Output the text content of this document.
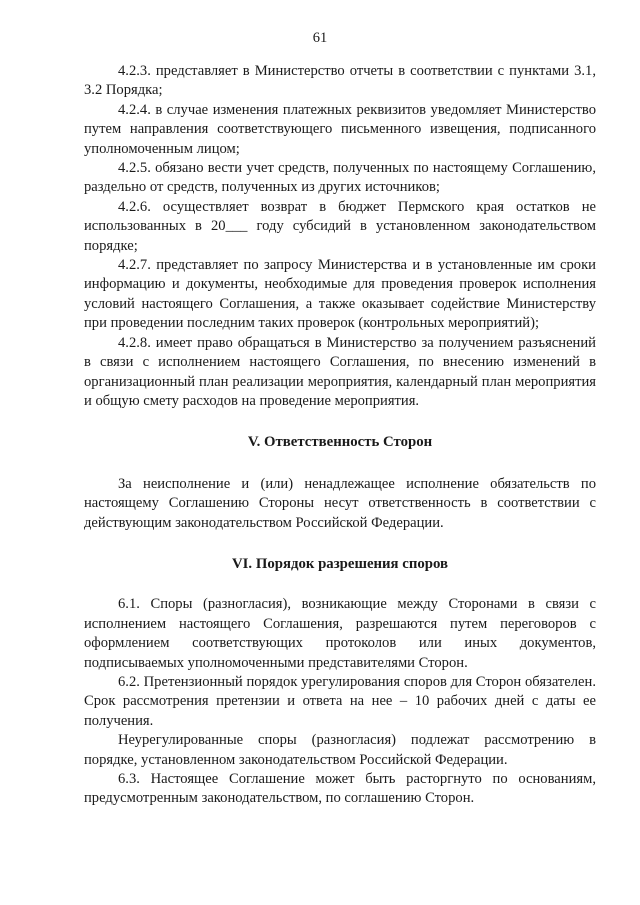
61

4.2.3. представляет в Министерство отчеты в соответствии с пунктами 3.1, 3.2 Порядка;

4.2.4. в случае изменения платежных реквизитов уведомляет Министерство путем направления соответствующего письменного извещения, подписанного уполномоченным лицом;

4.2.5. обязано вести учет средств, полученных по настоящему Соглашению, раздельно от средств, полученных из других источников;

4.2.6. осуществляет возврат в бюджет Пермского края остатков не использованных в 20___ году субсидий в установленном законодательством порядке;

4.2.7. представляет по запросу Министерства и в установленные им сроки информацию и документы, необходимые для проведения проверок исполнения условий настоящего Соглашения, а также оказывает содействие Министерству при проведении последним таких проверок (контрольных мероприятий);

4.2.8. имеет право обращаться в Министерство за получением разъяснений в связи с исполнением настоящего Соглашения, по внесению изменений в организационный план реализации мероприятия, календарный план мероприятия и общую смету расходов на проведение мероприятия.

V. Ответственность Сторон

За неисполнение и (или) ненадлежащее исполнение обязательств по настоящему Соглашению Стороны несут ответственность в соответствии с действующим законодательством Российской Федерации.

VI. Порядок разрешения споров

6.1. Споры (разногласия), возникающие между Сторонами в связи с исполнением настоящего Соглашения, разрешаются путем переговоров с оформлением соответствующих протоколов или иных документов, подписываемых уполномоченными представителями Сторон.

6.2. Претензионный порядок урегулирования споров для Сторон обязателен. Срок рассмотрения претензии и ответа на нее – 10 рабочих дней с даты ее получения.

Неурегулированные споры (разногласия) подлежат рассмотрению в порядке, установленном законодательством Российской Федерации.

6.3. Настоящее Соглашение может быть расторгнуто по основаниям, предусмотренным законодательством, по соглашению Сторон.
